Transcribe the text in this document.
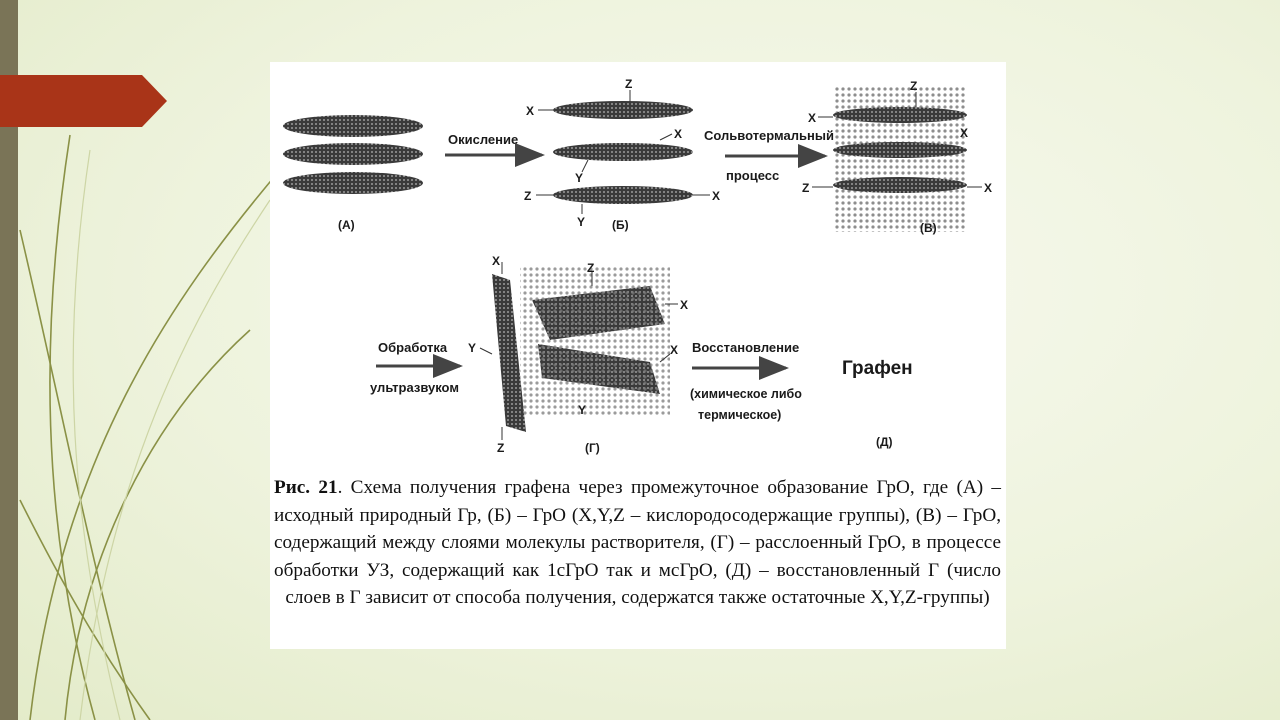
(А)
Окисление
Z
X
X
Y
Z	X
Y (Б)
Сольвотермальный
процесс
Z
X
X
Z	X
(В)
Обработка
ультразвуком
X	Z
X
Y	X
Y
Z	(Г)
Восстановление
(химическое либо
термическое)
Графен
(Д)
Рис. 21. Схема получения графена через промежуточное образование ГрО, где (А) – исходный природный Гр, (Б) – ГрО (X,Y,Z – кислородосодержащие группы), (В) – ГрО, содержащий между слоями молекулы растворителя, (Г) – расслоенный ГрО, в процессе обработки УЗ, содержащий как 1сГрО так и мсГрО, (Д) – восстановленный Г (число слоев в Г зависит от способа получения, содержатся также остаточные X,Y,Z-группы)
